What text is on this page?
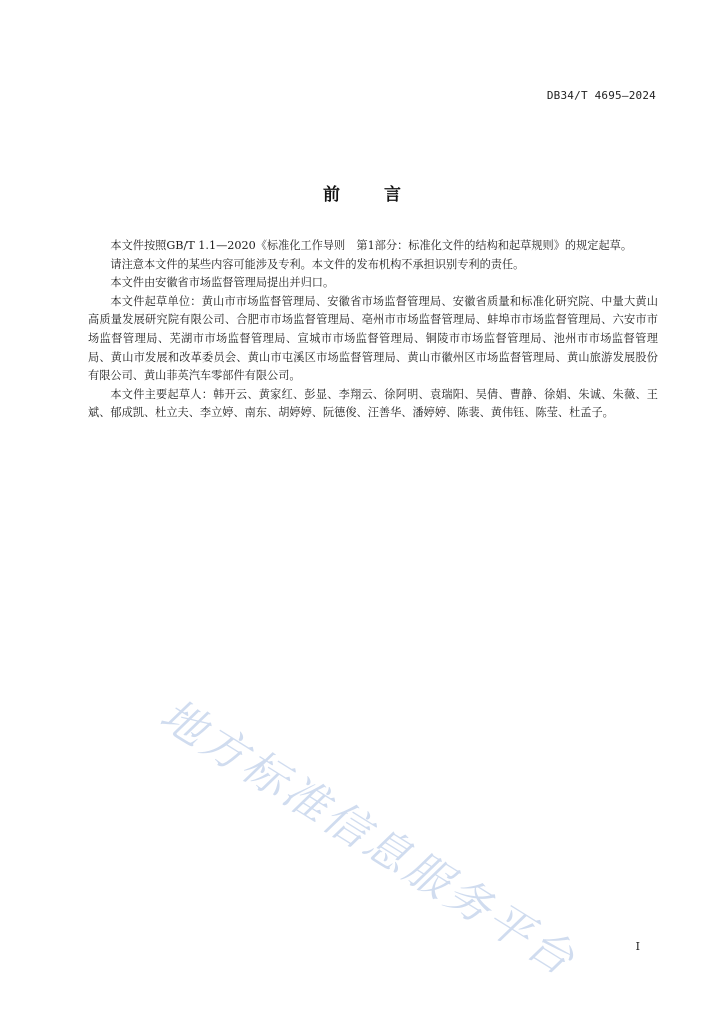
DB34/T 4695—2024
前言

本文件按照GB/T 1.1—2020《标准化工作导则　第1部分：标准化文件的结构和起草规则》的规定起草。

请注意本文件的某些内容可能涉及专利。本文件的发布机构不承担识别专利的责任。

本文件由安徽省市场监督管理局提出并归口。

本文件起草单位：黄山市市场监督管理局、安徽省市场监督管理局、安徽省质量和标准化研究院、中量大黄山高质量发展研究院有限公司、合肥市市场监督管理局、亳州市市场监督管理局、蚌埠市市场监督管理局、六安市市场监督管理局、芜湖市市场监督管理局、宣城市市场监督管理局、铜陵市市场监督管理局、池州市市场监督管理局、黄山市发展和改革委员会、黄山市屯溪区市场监督管理局、黄山市徽州区市场监督管理局、黄山旅游发展股份有限公司、黄山菲英汽车零部件有限公司。

本文件主要起草人：韩开云、黄家红、彭显、李翔云、徐阿明、袁瑞阳、吴倩、曹静、徐娟、朱诚、朱薇、王斌、郁成凯、杜立夫、李立婷、南东、胡婷婷、阮德俊、汪善华、潘婷婷、陈裴、黄伟钰、陈莹、杜孟子。

地方标准信息服务平台	I
